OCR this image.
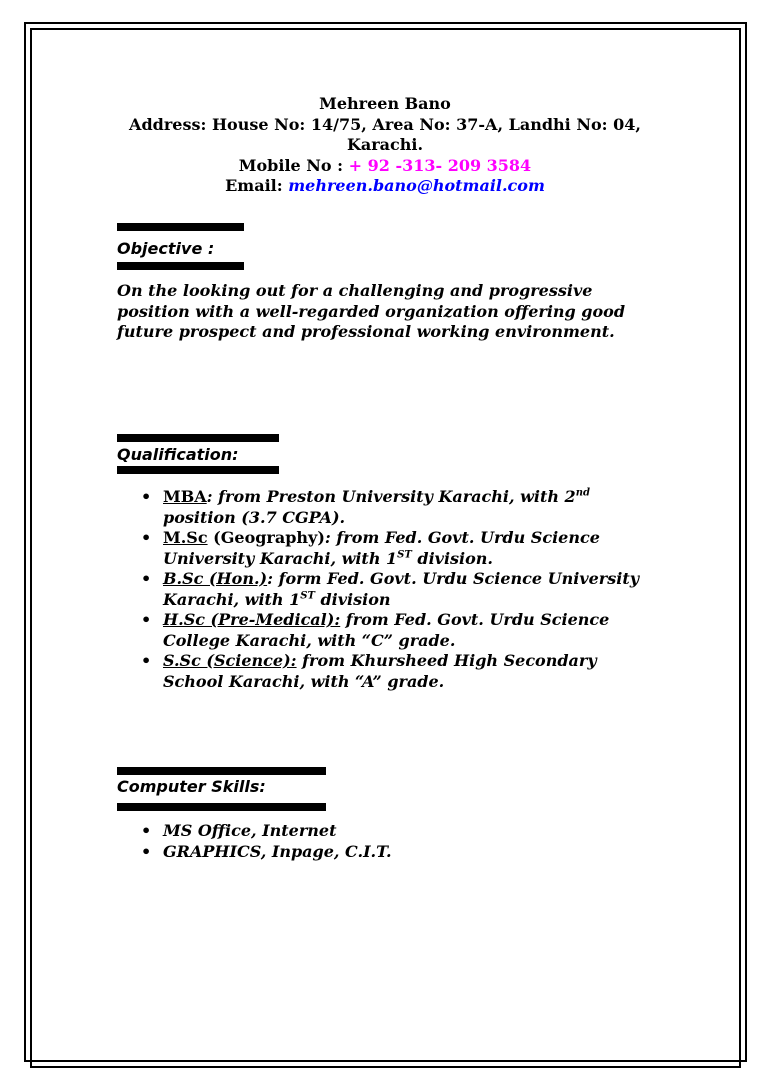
Mehreen Bano
Address: House No: 14/75, Area No: 37-A, Landhi No: 04,
Karachi.
Mobile No : + 92 -313- 209 3584
Email: mehreen.bano@hotmail.com
Objective :
On the looking out for a challenging and progressive position with a well-regarded organization offering good future prospect and professional working environment.
Qualification:
• MBA: from Preston University Karachi, with 2nd position (3.7 CGPA).
• M.Sc (Geography): from Fed. Govt. Urdu Science University Karachi, with 1ST division.
• B.Sc (Hon.): form Fed. Govt. Urdu Science University Karachi, with 1ST division
• H.Sc (Pre-Medical): from Fed. Govt. Urdu Science College Karachi, with “C” grade.
• S.Sc (Science): from Khursheed High Secondary School Karachi, with “A” grade.
Computer Skills:
• MS Office, Internet
• GRAPHICS, Inpage, C.I.T.
